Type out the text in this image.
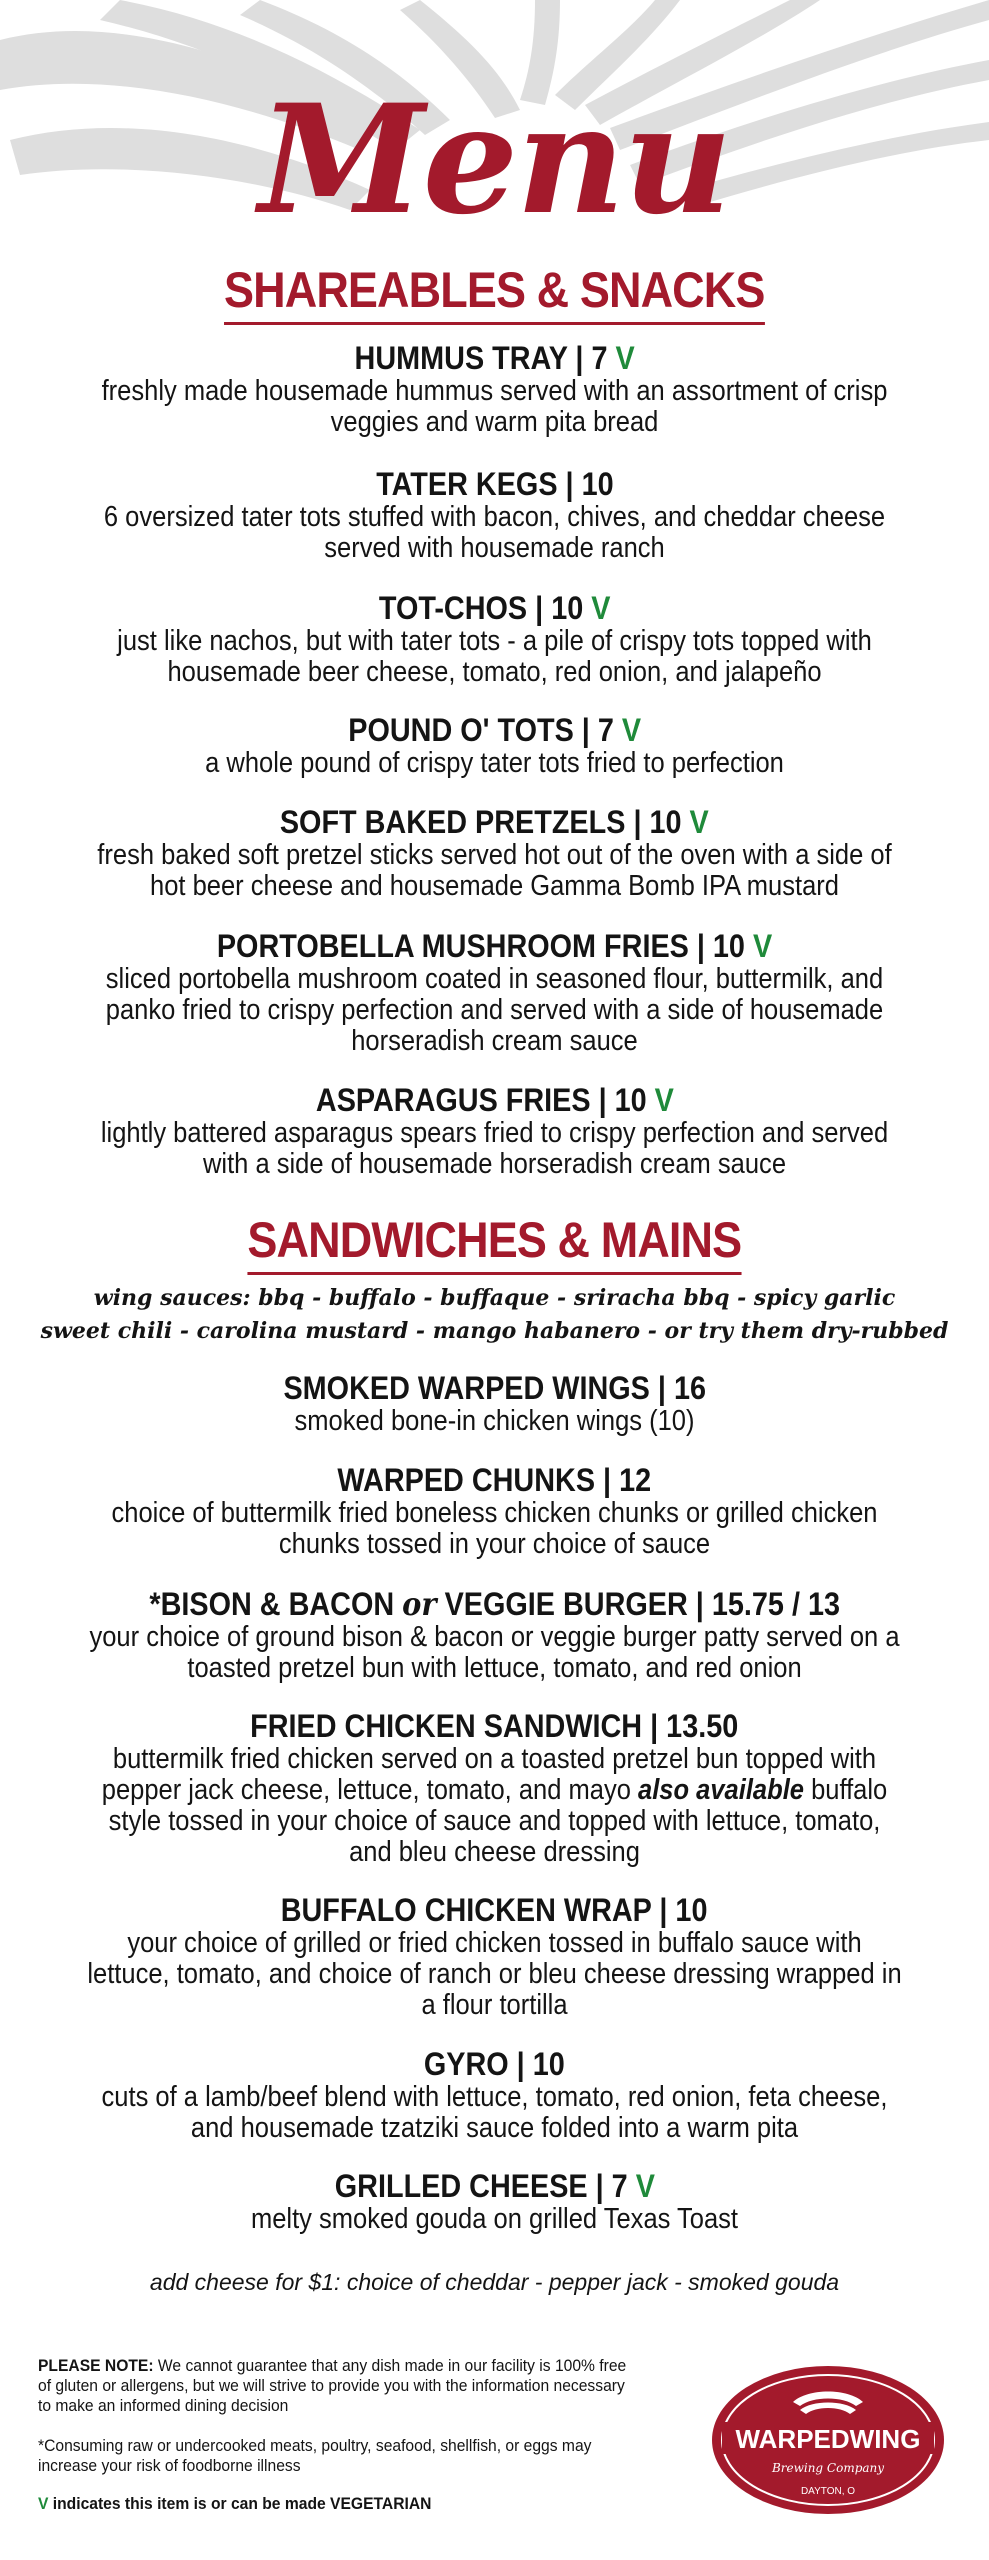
Menu
SHAREABLES & SNACKS
HUMMUS TRAY | 7 V
freshly made housemade hummus served with an assortment of crisp veggies and warm pita bread
TATER KEGS | 10
6 oversized tater tots stuffed with bacon, chives, and cheddar cheese served with housemade ranch
TOT-CHOS | 10 V
just like nachos, but with tater tots - a pile of crispy tots topped with housemade beer cheese, tomato, red onion, and jalapeño
POUND O' TOTS | 7 V
a whole pound of crispy tater tots fried to perfection
SOFT BAKED PRETZELS | 10 V
fresh baked soft pretzel sticks served hot out of the oven with a side of hot beer cheese and housemade Gamma Bomb IPA mustard
PORTOBELLA MUSHROOM FRIES | 10 V
sliced portobella mushroom coated in seasoned flour, buttermilk, and panko fried to crispy perfection and served with a side of housemade horseradish cream sauce
ASPARAGUS FRIES | 10 V
lightly battered asparagus spears fried to crispy perfection and served with a side of housemade horseradish cream sauce
SANDWICHES & MAINS
wing sauces: bbq - buffalo - buffaque - sriracha bbq - spicy garlic
sweet chili - carolina mustard - mango habanero - or try them dry-rubbed
SMOKED WARPED WINGS | 16
smoked bone-in chicken wings (10)
WARPED CHUNKS | 12
choice of buttermilk fried boneless chicken chunks or grilled chicken chunks tossed in your choice of sauce
*BISON & BACON or VEGGIE BURGER | 15.75 / 13
your choice of ground bison & bacon or veggie burger patty served on a toasted pretzel bun with lettuce, tomato, and red onion
FRIED CHICKEN SANDWICH | 13.50
buttermilk fried chicken served on a toasted pretzel bun topped with pepper jack cheese, lettuce, tomato, and mayo also available buffalo style tossed in your choice of sauce and topped with lettuce, tomato, and bleu cheese dressing
BUFFALO CHICKEN WRAP | 10
your choice of grilled or fried chicken tossed in buffalo sauce with lettuce, tomato, and choice of ranch or bleu cheese dressing wrapped in a flour tortilla
GYRO | 10
cuts of a lamb/beef blend with lettuce, tomato, red onion, feta cheese, and housemade tzatziki sauce folded into a warm pita
GRILLED CHEESE | 7 V
melty smoked gouda on grilled Texas Toast
add cheese for $1: choice of cheddar - pepper jack - smoked gouda
PLEASE NOTE: We cannot guarantee that any dish made in our facility is 100% free of gluten or allergens, but we will strive to provide you with the information necessary to make an informed dining decision
*Consuming raw or undercooked meats, poultry, seafood, shellfish, or eggs may increase your risk of foodborne illness
V indicates this item is or can be made VEGETARIAN
WARPEDWING
Brewing Company
DAYTON, O
